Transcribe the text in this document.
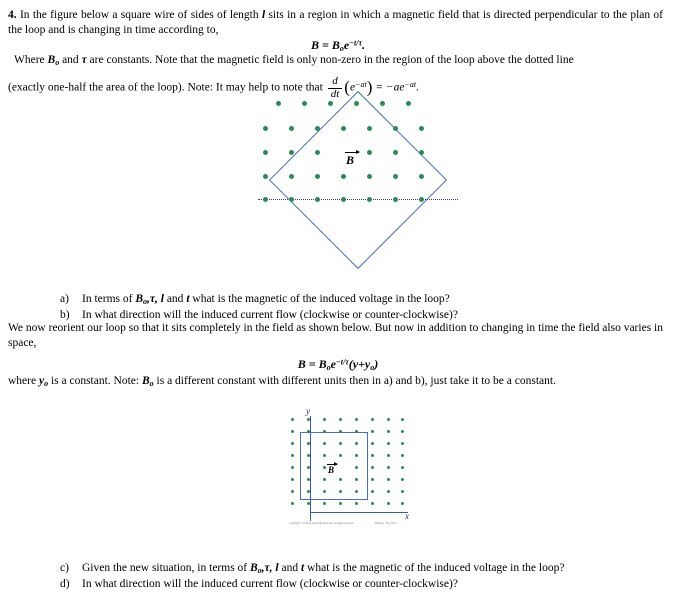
4. In the figure below a square wire of sides of length l sits in a region in which a magnetic field that is directed perpendicular to the plan of the loop and is changing in time according to,
$B = B_oe^{-t/\tau}$.
Where $B_o$ and τ are constants. Note that the magnetic field is only non-zero in the region of the loop above the dotted line
(exactly one-half the area of the loop). Note: It may help to note that $\frac{d}{dt} (e^{-at}) = -ae^{-at}$.
B
a) In terms of $B_o,\tau$, l and t what is the magnetic of the induced voltage in the loop?
b) In what direction will the induced current flow (clockwise or counter-clockwise)?
We now reorient our loop so that it sits completely in the field as shown below. But now in addition to changing in time the field also varies in space,
$B = B_oe^{-t/\tau}(y+y_o)$
where $y_o$ is a constant. Note: $B_o$ is a different constant with different units then in a) and b), just take it to be a constant.
y
x
B
Copyright © 2014 Pearson Education, Inc. All rights reserved.	Halliday - Fig. 30-15
c) Given the new situation, in terms of $B_o,\tau$, l and t what is the magnetic of the induced voltage in the loop?
d) In what direction will the induced current flow (clockwise or counter-clockwise)?
